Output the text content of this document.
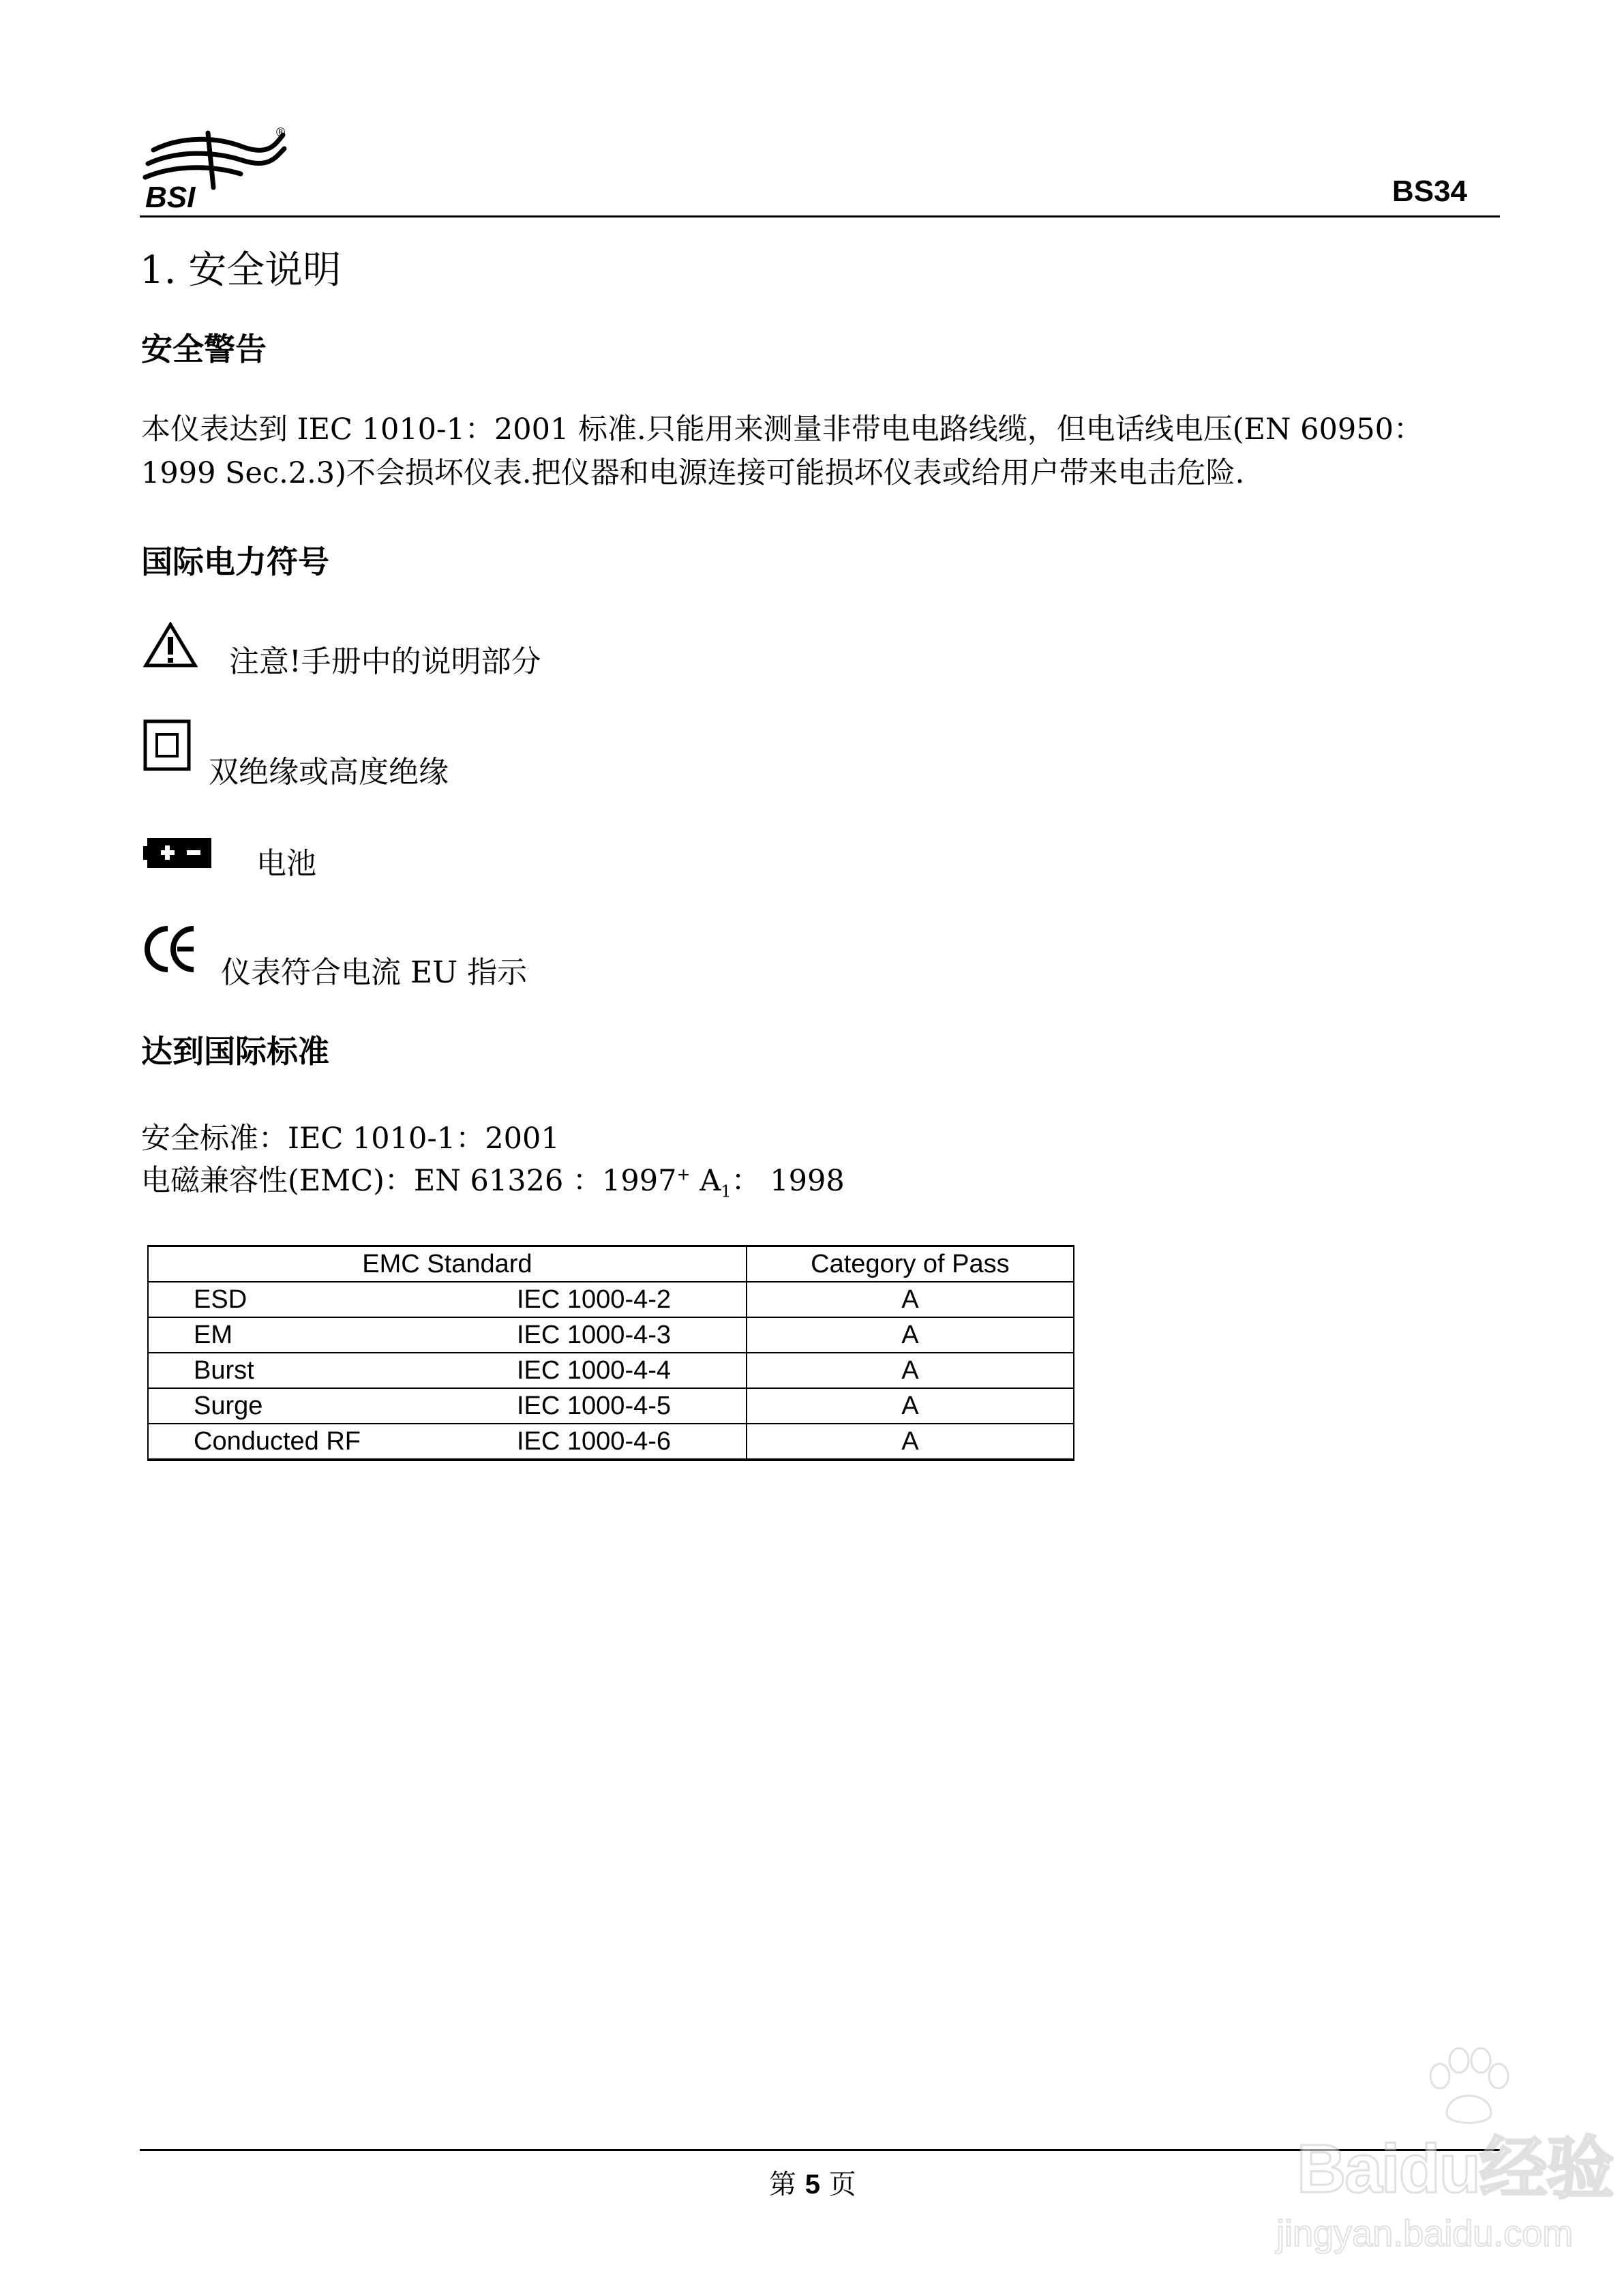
BSI
®
BS34
1. 安全说明
安全警告
本仪表达到 IEC 1010-1：2001 标准.只能用来测量非带电电路线缆，但电话线电压(EN 60950：
1999 Sec.2.3)不会损坏仪表.把仪器和电源连接可能损坏仪表或给用户带来电击危险.
国际电力符号
注意!手册中的说明部分
双绝缘或高度绝缘
电池
仪表符合电流 EU 指示
达到国际标准
安全标准：IEC 1010-1：2001
电磁兼容性(EMC)：EN 61326 ：1997+ $A_1$： 1998
EMC Standard	Category of Pass

ESD IEC 1000-4-2	A

EM IEC 1000-4-3	A

Burst IEC 1000-4-4	A

Surge IEC 1000-4-5	A

Conducted RF IEC 1000-4-6	A
第 5 页	Baidu经验
jingyan.baidu.com
